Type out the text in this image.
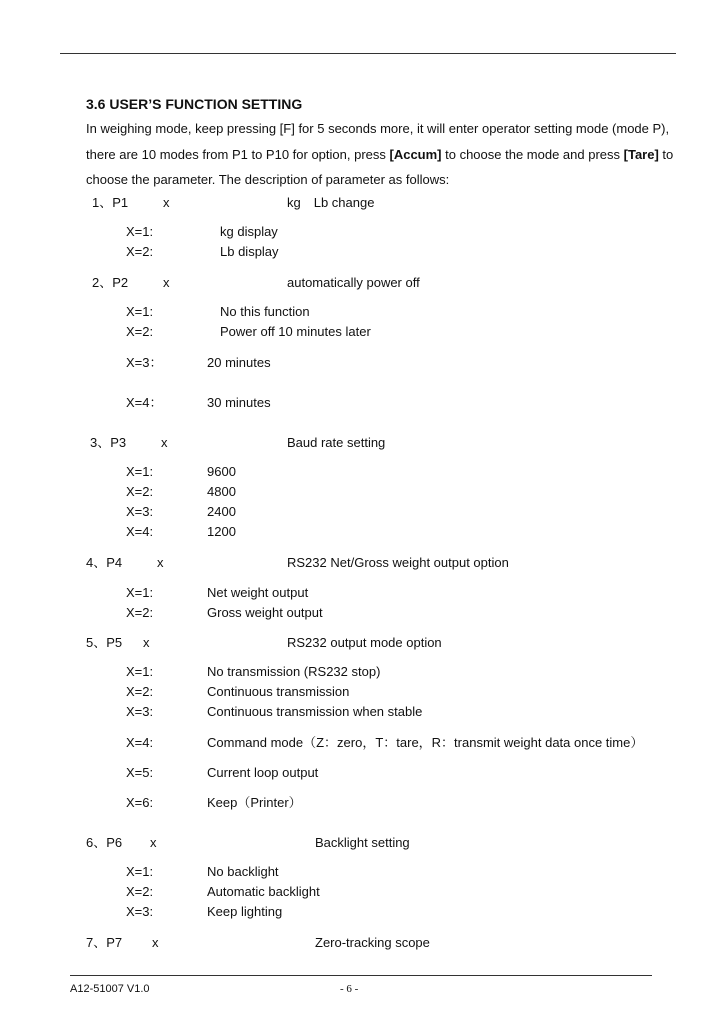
3.6 USER’S FUNCTION SETTING
In weighing mode, keep pressing [F] for 5 seconds more, it will enter operator setting mode (mode P),
there are 10 modes from P1 to P10 for option, press [Accum] to choose the mode and press [Tare] to
choose the parameter. The description of parameter as follows:
1、P1	x	kg　Lb change
X=1:	kg display
X=2:	Lb display
2、P2	x	automatically power off
X=1:	No this function
X=2:	Power off 10 minutes later
X=3：	20 minutes
X=4：	30 minutes
3、P3	x	Baud rate setting
X=1:	9600
X=2:	4800
X=3:	2400
X=4:	1200
4、P4	x	RS232 Net/Gross weight output option
X=1:	Net weight output
X=2:	Gross weight output
5、P5 x	RS232 output mode option
X=1:	No transmission (RS232 stop)
X=2:	Continuous transmission
X=3:	Continuous transmission when stable
X=4:	Command mode（Z：zero，T：tare，R：transmit weight data once time）
X=5:	Current loop output
X=6:	Keep（Printer）
6、P6 x	Backlight setting
X=1:	No backlight
X=2:	Automatic backlight
X=3:	Keep lighting
7、P7 x	Zero-tracking scope
A12-51007 V1.0	- 6 -
